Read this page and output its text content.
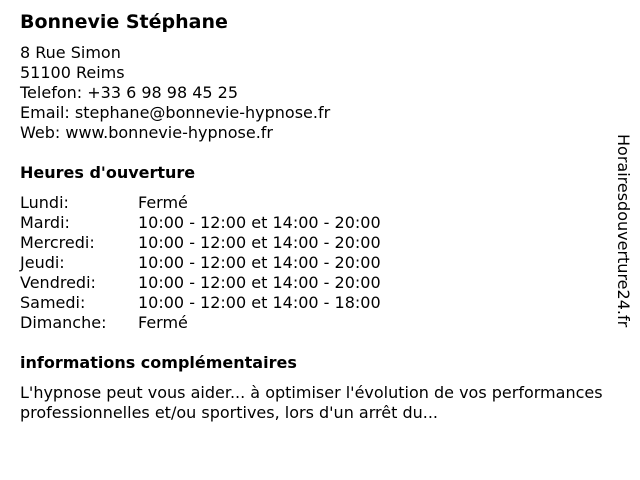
Bonnevie Stéphane
8 Rue Simon
51100 Reims
Telefon: +33 6 98 98 45 25
Email: stephane@bonnevie-hypnose.fr
Web: www.bonnevie-hypnose.fr
Heures d'ouverture
Lundi:	Fermé
Mardi:	10:00 - 12:00 et 14:00 - 20:00
Mercredi:	10:00 - 12:00 et 14:00 - 20:00
Jeudi:	10:00 - 12:00 et 14:00 - 20:00
Vendredi:	10:00 - 12:00 et 14:00 - 20:00
Samedi:	10:00 - 12:00 et 14:00 - 18:00
Dimanche:	Fermé
informations complémentaires
L'hypnose peut vous aider... à optimiser l'évolution de vos performances professionnelles et/ou sportives, lors d'un arrêt du...
Horairesdouverture24.fr
